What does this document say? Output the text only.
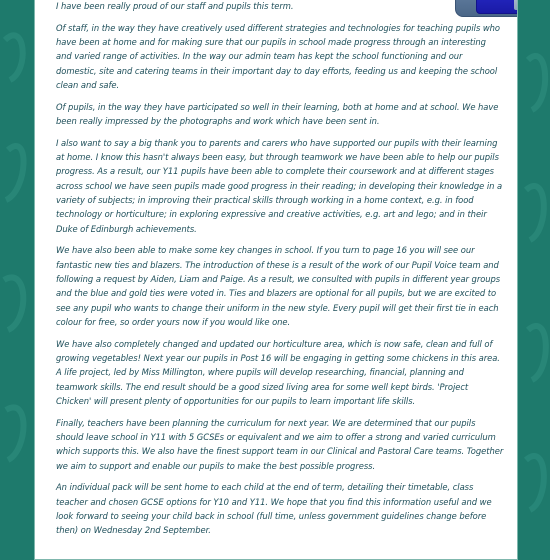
I have been really proud of our staff and pupils this term.

Of staff, in the way they have creatively used different strategies and technologies for teaching pupils who have been at home and for making sure that our pupils in school made progress through an interesting and varied range of activities. In the way our admin team has kept the school functioning and our domestic, site and catering teams in their important day to day efforts, feeding us and keeping the school clean and safe.

Of pupils, in the way they have participated so well in their learning, both at home and at school. We have been really impressed by the photographs and work which have been sent in.

I also want to say a big thank you to parents and carers who have supported our pupils with their learning at home. I know this hasn't always been easy, but through teamwork we have been able to help our pupils progress. As a result, our Y11 pupils have been able to complete their coursework and at different stages across school we have seen pupils made good progress in their reading; in developing their knowledge in a variety of subjects; in improving their practical skills through working in a home context, e.g. in food technology or horticulture; in exploring expressive and creative activities, e.g. art and lego; and in their Duke of Edinburgh achievements.

We have also been able to make some key changes in school. If you turn to page 16 you will see our fantastic new ties and blazers. The introduction of these is a result of the work of our Pupil Voice team and following a request by Aiden, Liam and Paige. As a result, we consulted with pupils in different year groups and the blue and gold ties were voted in. Ties and blazers are optional for all pupils, but we are excited to see any pupil who wants to change their uniform in the new style. Every pupil will get their first tie in each colour for free, so order yours now if you would like one.

We have also completely changed and updated our horticulture area, which is now safe, clean and full of growing vegetables! Next year our pupils in Post 16 will be engaging in getting some chickens in this area. A life project, led by Miss Millington, where pupils will develop researching, financial, planning and teamwork skills. The end result should be a good sized living area for some well kept birds. 'Project Chicken' will present plenty of opportunities for our pupils to learn important life skills.

Finally, teachers have been planning the curriculum for next year. We are determined that our pupils should leave school in Y11 with 5 GCSEs or equivalent and we aim to offer a strong and varied curriculum which supports this. We also have the finest support team in our Clinical and Pastoral Care teams. Together we aim to support and enable our pupils to make the best possible progress.

An individual pack will be sent home to each child at the end of term, detailing their timetable, class teacher and chosen GCSE options for Y10 and Y11. We hope that you find this information useful and we look forward to seeing your child back in school (full time, unless government guidelines change before then) on Wednesday 2nd September.
